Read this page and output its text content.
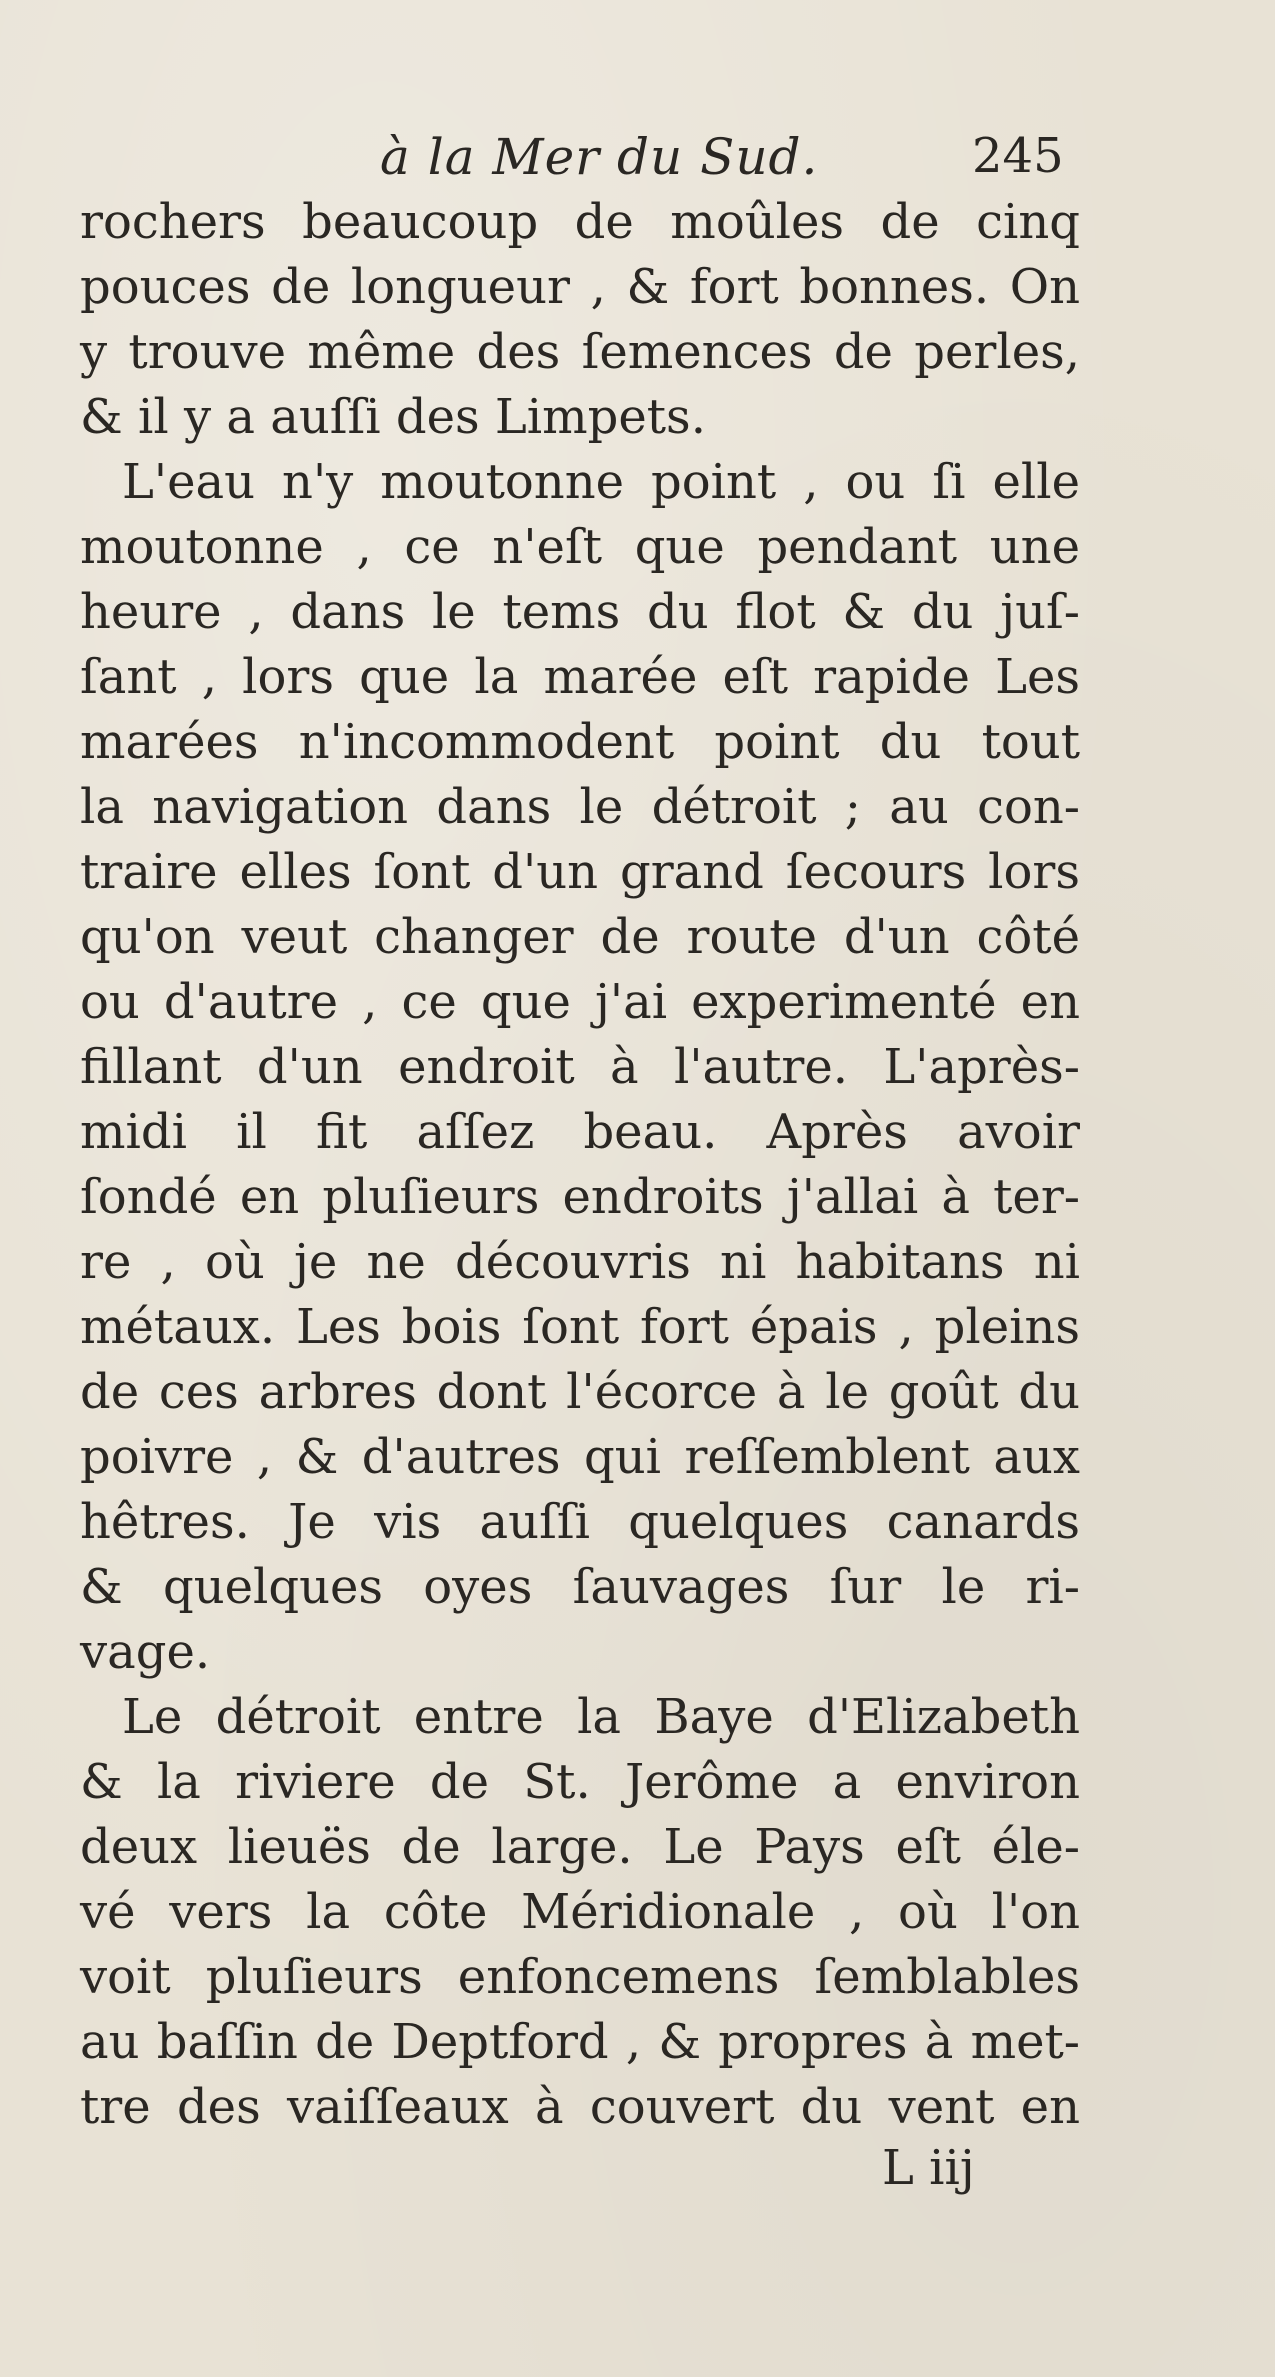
à la Mer du Sud.	245
rochers beaucoup de moûles de cinq
pouces de longueur , & fort bonnes. On
y trouve même des ſemences de perles,
& il y a auſſi des Limpets.
L'eau n'y moutonne point , ou ſi elle
moutonne , ce n'eſt que pendant une
heure , dans le tems du flot & du juſ-
ſant , lors que la marée eſt rapide Les
marées n'incommodent point du tout
la navigation dans le détroit ; au con-
traire elles ſont d'un grand ſecours lors
qu'on veut changer de route d'un côté
ou d'autre , ce que j'ai experimenté en
fillant d'un endroit à l'autre. L'après-
midi il fit aſſez beau. Après avoir
ſondé en pluſieurs endroits j'allai à ter-
re , où je ne découvris ni habitans ni
métaux. Les bois ſont fort épais , pleins
de ces arbres dont l'écorce à le goût du
poivre , & d'autres qui reſſemblent aux
hêtres. Je vis auſſi quelques canards
& quelques oyes ſauvages ſur le ri-
vage.
Le détroit entre la Baye d'Elizabeth
& la riviere de St. Jerôme a environ
deux lieuës de large. Le Pays eſt éle-
vé vers la côte Méridionale , où l'on
voit pluſieurs enfoncemens ſemblables
au baſſin de Deptford , & propres à met-
tre des vaiſſeaux à couvert du vent en
L iij
